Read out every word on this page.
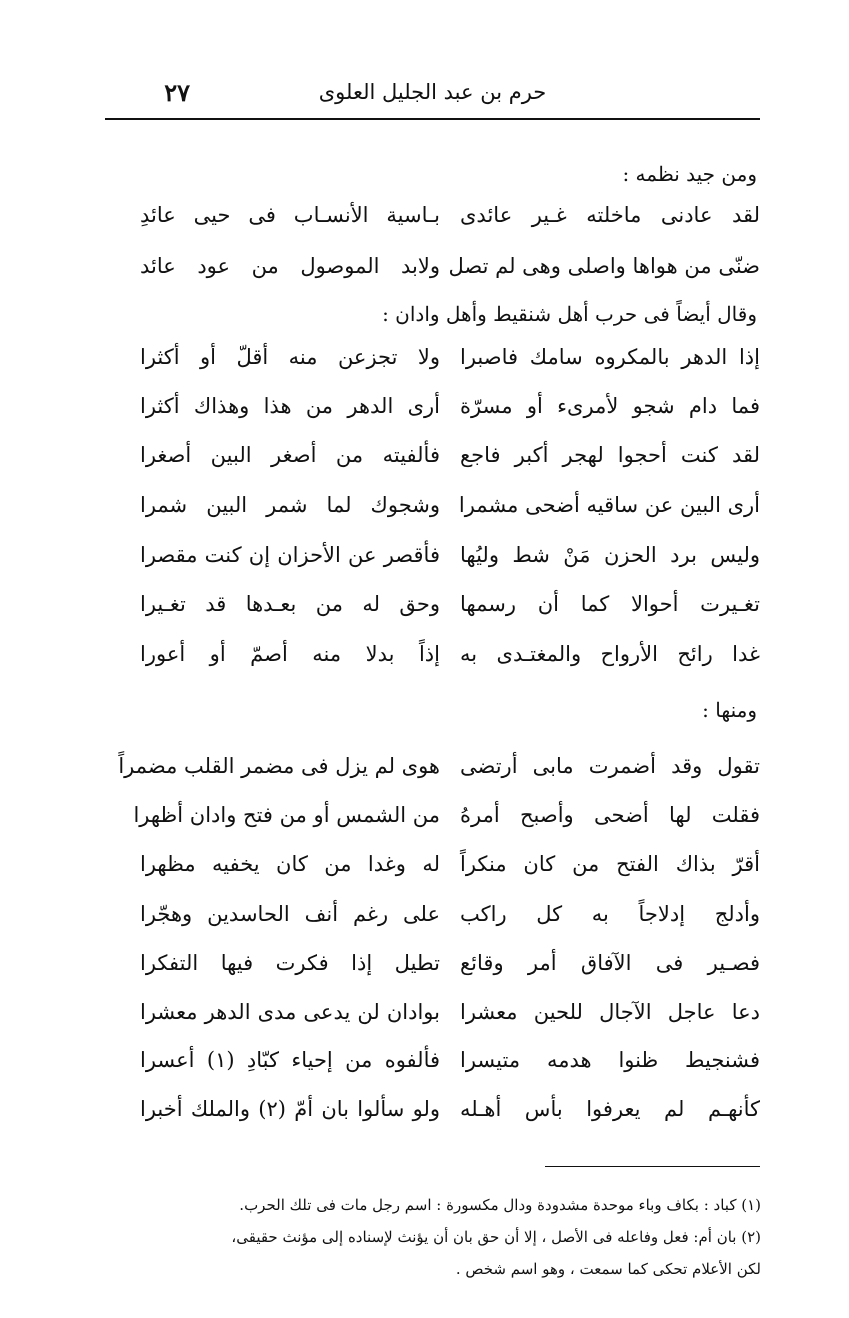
٢٧	حرم بن عبد الجليل العلوى
ومن جيد نظمه :
لقد عادنى ماخلته غـير عائدى
بـاسية الأنسـاب فى حيى عائدِ
ضنّى من هواها واصلى وهى لم تصل
ولابد الموصول من عود عائد
وقال أيضاً فى حرب أهل شنقيط وأهل وادان :
إذا الدهر بالمكروه سامك فاصبرا
ولا تجزعن منه أقلّ أو أكثرا
فما دام شجو لأمرىء أو مسرّة
أرى الدهر من هذا وهذاك أكثرا
لقد كنت أحجوا لهجر أكبر فاجع
فألفيته من أصغر البين أصغرا
أرى البين عن ساقيه أضحى مشمرا
وشجوك لما شمر البين شمرا
وليس برد الحزن مَنْ شط وليُها
فأقصر عن الأحزان إن كنت مقصرا
تغـيرت أحوالا كما أن رسمها
وحق له من بعـدها قد تغـيرا
غدا رائح الأرواح والمغتـدى به
إذاً بدلا منه أصمّ أو أعورا
ومنها :
تقول وقد أضمرت مابى أرتضى
هوى لم يزل فى مضمر القلب مضمراً
فقلت لها أضحى وأصبح أمرهُ
من الشمس أو من فتح وادان أظهرا
أقرّ بذاك الفتح من كان منكراً
له وغدا من كان يخفيه مظهرا
وأدلج إدلاجاً به كل راكب
على رغم أنف الحاسدين وهجّرا
فصـير فى الآفاق أمر وقائع
تطيل إذا فكرت فيها التفكرا
دعا عاجل الآجال للحين معشرا
بوادان لن يدعى مدى الدهر معشرا
فشنجيط ظنوا هدمه متيسرا
فألفوه من إحياء كبّادِ (١) أعسرا
كأنهـم لم يعرفوا بأس أهـله
ولو سألوا بان أمّ (٢) والملك أخبرا
(١) كباد : بكاف وباء موحدة مشدودة ودال مكسورة : اسم رجل مات فى تلك الحرب.
(٢) بان أم: فعل وفاعله فى الأصل ، إلا أن حق بان أن يؤنث لإسناده إلى مؤنث حقيقى،
لكن الأعلام تحكى كما سمعت ، وهو اسم شخص .
